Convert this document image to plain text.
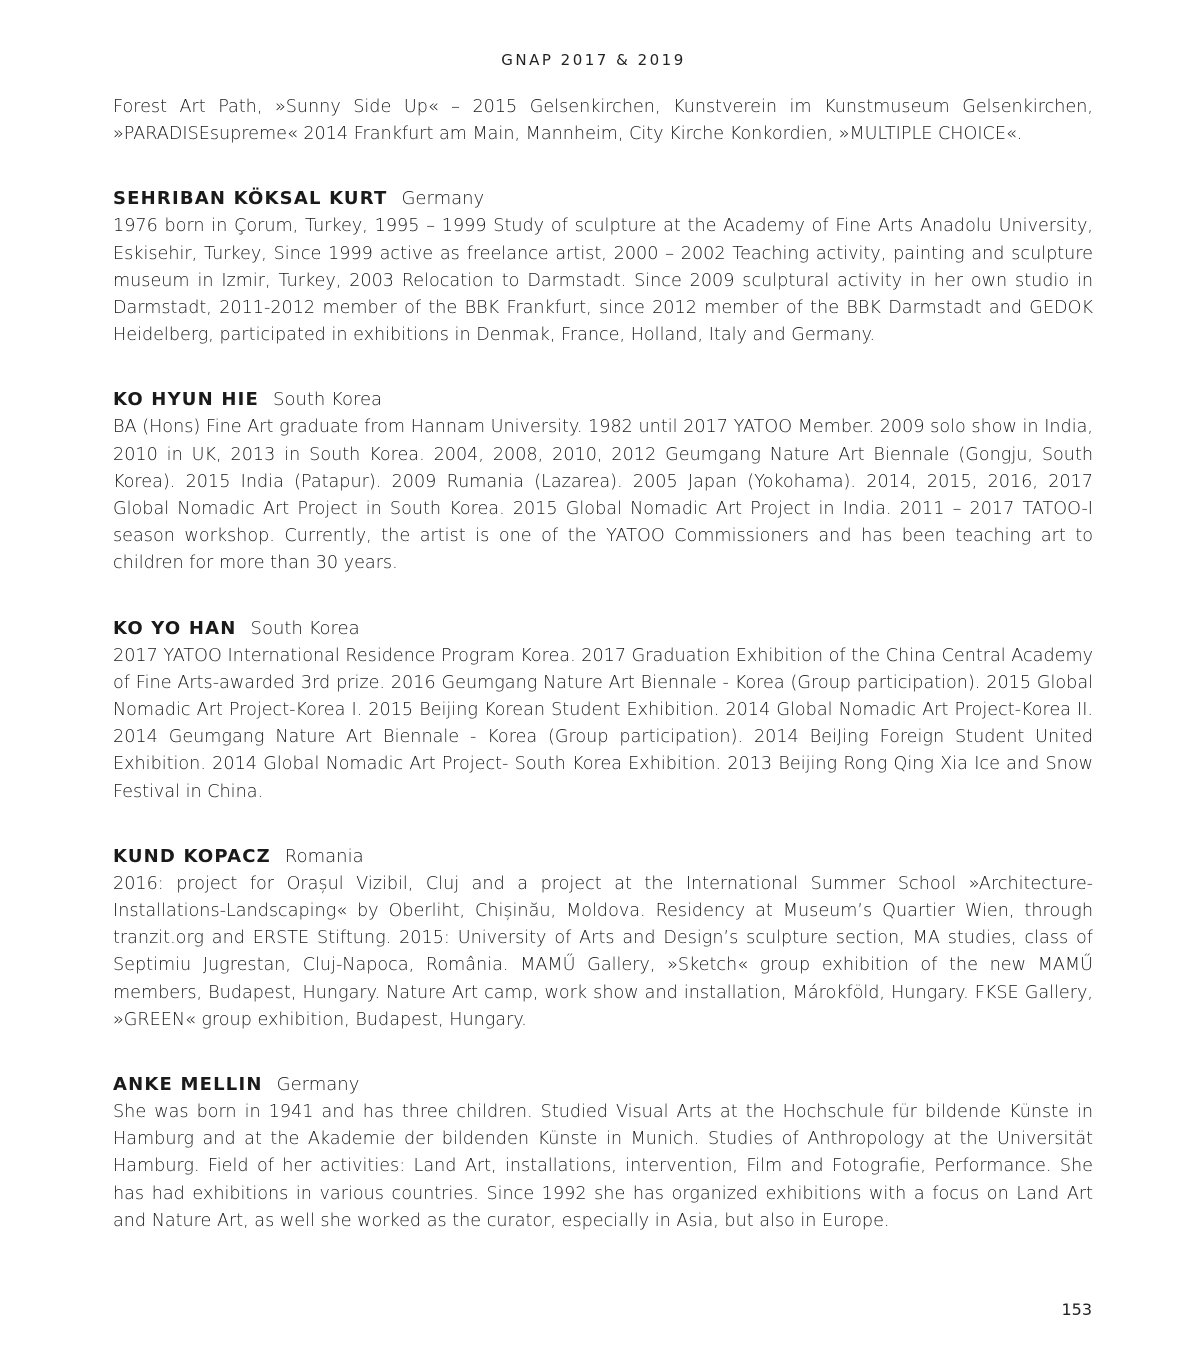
GNAP 2017 & 2019

Forest Art Path, »Sunny Side Up« – 2015 Gelsenkirchen, Kunstverein im Kunstmuseum Gelsenkirchen, »PARADISEsupreme« 2014 Frankfurt am Main, Mannheim, City Kirche Konkordien, »MULTIPLE CHOICE«.

SEHRIBAN KÖKSAL KURT Germany

1976 born in Çorum, Turkey, 1995 – 1999 Study of sculpture at the Academy of Fine Arts Anadolu University, Eskisehir, Turkey, Since 1999 active as freelance artist, 2000 – 2002 Teaching activity, painting and sculpture museum in Izmir, Turkey, 2003 Relocation to Darmstadt. Since 2009 sculptural activity in her own studio in Darmstadt, 2011-2012 member of the BBK Frankfurt, since 2012 member of the BBK Darmstadt and GEDOK Heidelberg, participated in exhibitions in Denmak, France, Holland, Italy and Germany.

KO HYUN HIE South Korea

BA (Hons) Fine Art graduate from Hannam University. 1982 until 2017 YATOO Member. 2009 solo show in India, 2010 in UK, 2013 in South Korea. 2004, 2008, 2010, 2012 Geumgang Nature Art Biennale (Gongju, South Korea). 2015 India (Patapur). 2009 Rumania (Lazarea). 2005 Japan (Yokohama). 2014, 2015, 2016, 2017 Global Nomadic Art Project in South Korea. 2015 Global Nomadic Art Project in India. 2011 – 2017 TATOO-I season workshop. Currently, the artist is one of the YATOO Commissioners and has been teaching art to children for more than 30 years.

KO YO HAN South Korea

2017 YATOO International Residence Program Korea. 2017 Graduation Exhibition of the China Central Academy of Fine Arts-awarded 3rd prize. 2016 Geumgang Nature Art Biennale - Korea (Group participation). 2015 Global Nomadic Art Project-Korea I. 2015 Beijing Korean Student Exhibition. 2014 Global Nomadic Art Project-Korea II. 2014 Geumgang Nature Art Biennale - Korea (Group participation). 2014 BeiJing Foreign Student United Exhibition. 2014 Global Nomadic Art Project- South Korea Exhibition. 2013 Beijing Rong Qing Xia Ice and Snow Festival in China.

KUND KOPACZ Romania

2016: project for Orașul Vizibil, Cluj and a project at the International Summer School »Architecture-Installations-Landscaping« by Oberliht, Chișinău, Moldova. Residency at Museum’s Quartier Wien, through tranzit.org and ERSTE Stiftung. 2015: University of Arts and Design’s sculpture section, MA studies, class of Septimiu Jugrestan, Cluj-Napoca, România. MAMŰ Gallery, »Sketch« group exhibition of the new MAMŰ members, Budapest, Hungary. Nature Art camp, work show and installation, Márokföld, Hungary. FKSE Gallery, »GREEN« group exhibition, Budapest, Hungary.

ANKE MELLIN Germany

She was born in 1941 and has three children. Studied Visual Arts at the Hochschule für bildende Künste in Hamburg and at the Akademie der bildenden Künste in Munich. Studies of Anthropology at the Universität Hamburg. Field of her activities: Land Art, installations, intervention, Film and Fotografie, Performance. She has had exhibitions in various countries. Since 1992 she has organized exhibitions with a focus on Land Art and Nature Art, as well she worked as the curator, especially in Asia, but also in Europe.

153
